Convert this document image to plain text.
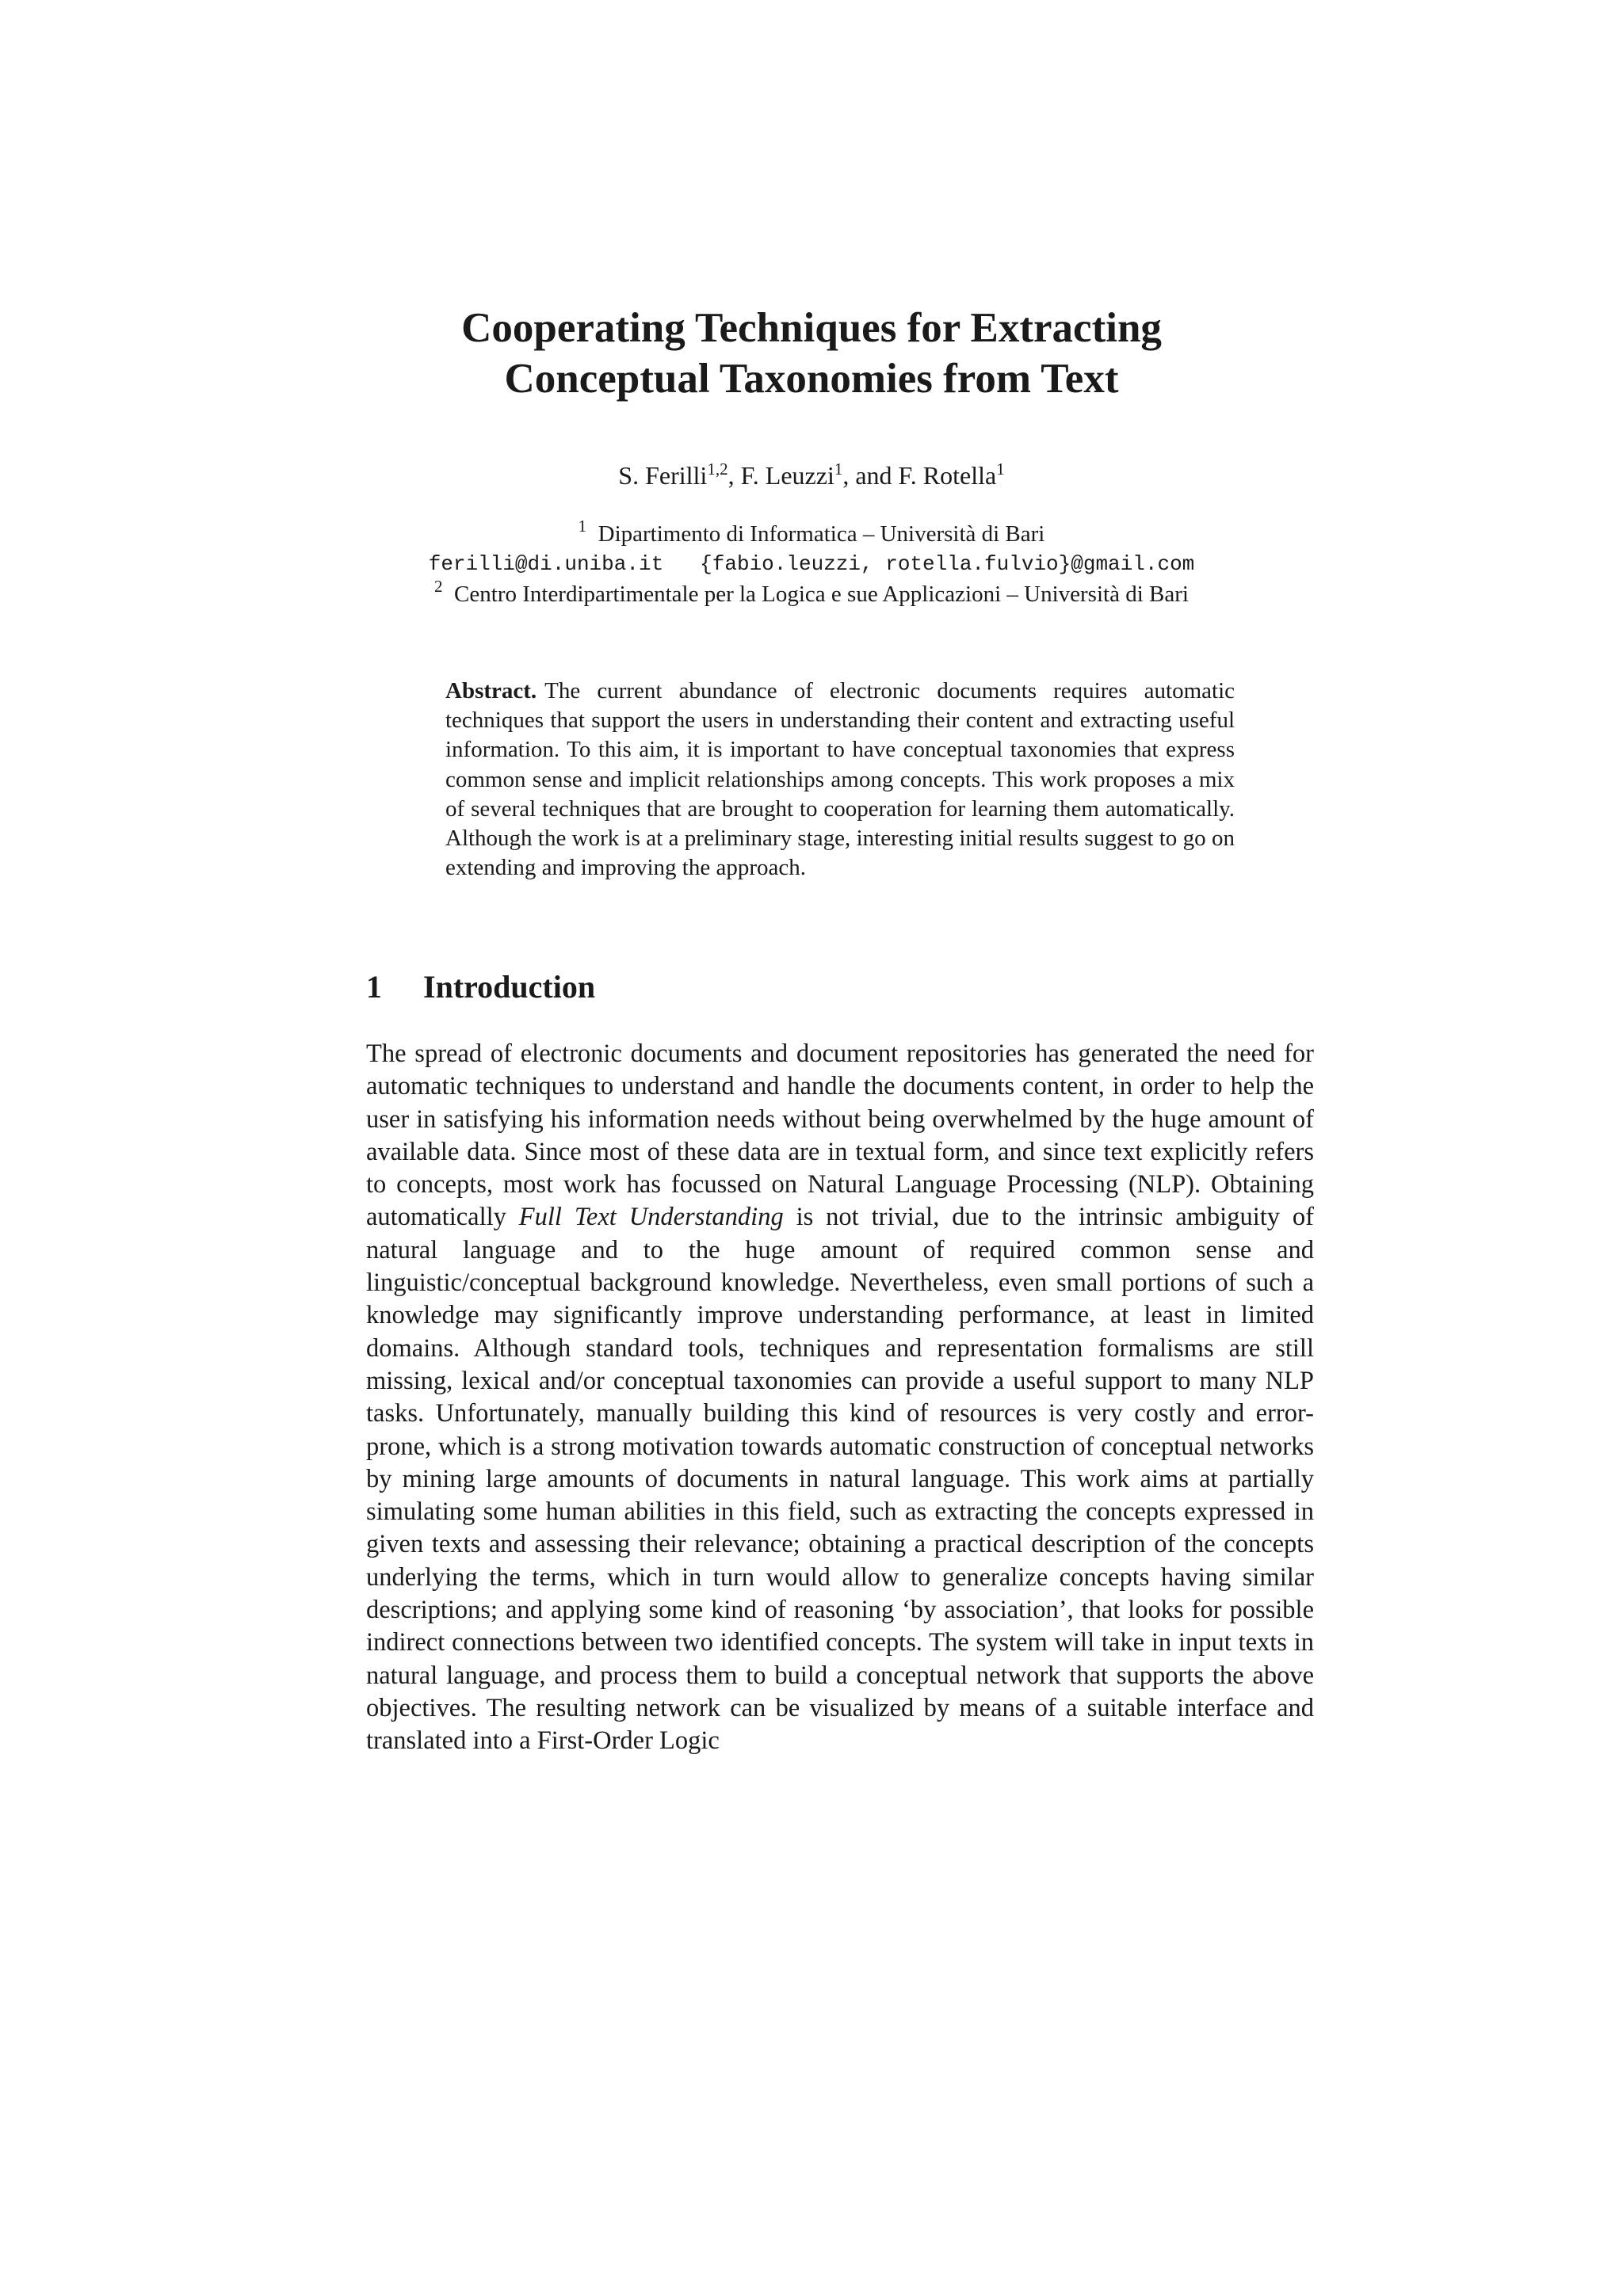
Cooperating Techniques for Extracting
Conceptual Taxonomies from Text
S. Ferilli$^{1,2}$, F. Leuzzi$^1$, and F. Rotella$^1$
$^1$ Dipartimento di Informatica – Università di Bari
ferilli@di.uniba.it {fabio.leuzzi, rotella.fulvio}@gmail.com
$^2$ Centro Interdipartimentale per la Logica e sue Applicazioni – Università di Bari
Abstract. The current abundance of electronic documents requires automatic techniques that support the users in understanding their content and extracting useful information. To this aim, it is important to have conceptual taxonomies that express common sense and implicit relationships among concepts. This work proposes a mix of several techniques that are brought to cooperation for learning them automatically. Although the work is at a preliminary stage, interesting initial results suggest to go on extending and improving the approach.
1 Introduction
The spread of electronic documents and document repositories has generated the need for automatic techniques to understand and handle the documents content, in order to help the user in satisfying his information needs without being overwhelmed by the huge amount of available data. Since most of these data are in textual form, and since text explicitly refers to concepts, most work has focussed on Natural Language Processing (NLP). Obtaining automatically Full Text Understanding is not trivial, due to the intrinsic ambiguity of natural language and to the huge amount of required common sense and linguistic/conceptual background knowledge. Nevertheless, even small portions of such a knowledge may significantly improve understanding performance, at least in limited domains. Although standard tools, techniques and representation formalisms are still missing, lexical and/or conceptual taxonomies can provide a useful support to many NLP tasks. Unfortunately, manually building this kind of resources is very costly and error-prone, which is a strong motivation towards automatic construction of conceptual networks by mining large amounts of documents in natural language. This work aims at partially simulating some human abilities in this field, such as extracting the concepts expressed in given texts and assessing their relevance; obtaining a practical description of the concepts underlying the terms, which in turn would allow to generalize concepts having similar descriptions; and applying some kind of reasoning ‘by association’, that looks for possible indirect connections between two identified concepts. The system will take in input texts in natural language, and process them to build a conceptual network that supports the above objectives. The resulting network can be visualized by means of a suitable interface and translated into a First-Order Logic
